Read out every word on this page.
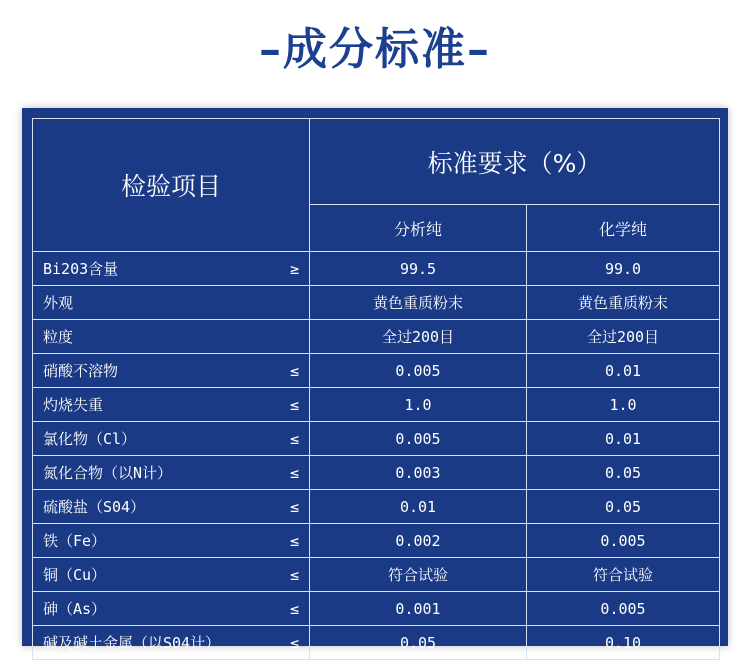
–成分标准–
检验项目	标准要求（%）	
	分析纯	化学纯

Bi203含量 ≥	99.5	99.0

外观	黄色重质粉末	黄色重质粉末

粒度	全过200目	全过200目

硝酸不溶物 ≤	0.005	0.01

灼烧失重 ≤	1.0	1.0

氯化物（Cl） ≤	0.005	0.01

氮化合物（以N计） ≤	0.003	0.05

硫酸盐（S04） ≤	0.01	0.05

铁（Fe） ≤	0.002	0.005

铜（Cu） ≤	符合试验	符合试验

砷（As） ≤	0.001	0.005

碱及碱土金属（以S04计） ≤	0.05	0.10
